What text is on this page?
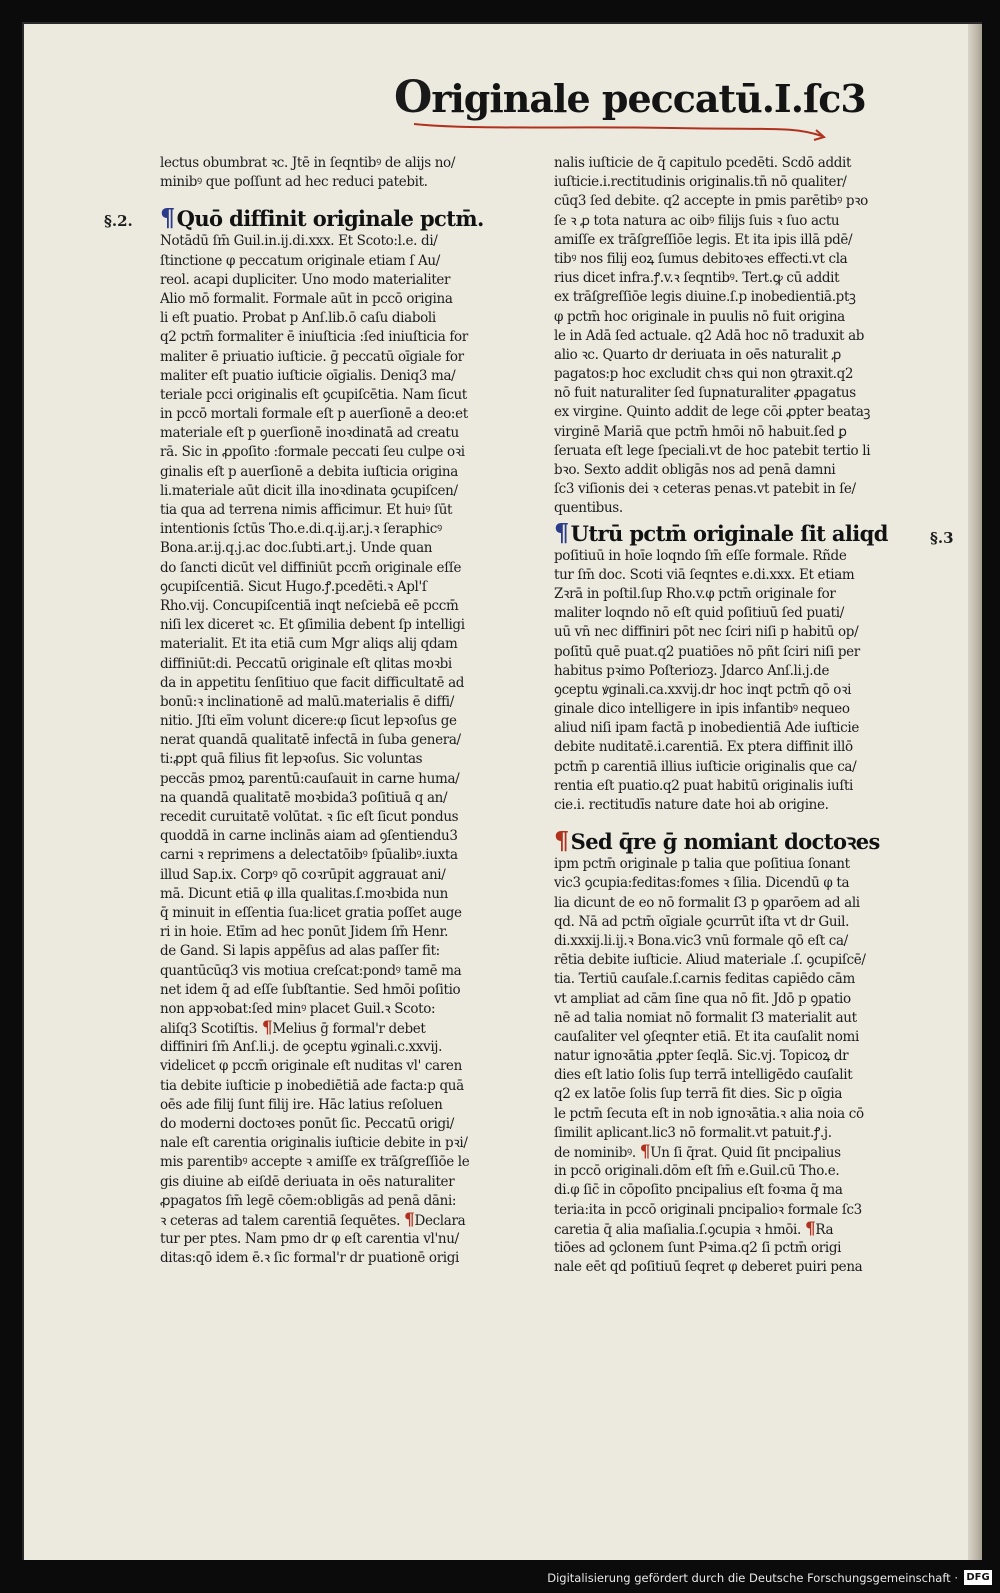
Originale peccatū.I.ſc3
§.2.
§.3
lectus obumbrat ꝛc. Jtē in ſeqntibꝰ de alijs no/
minibꝰ que poſſunt ad hec reduci patebit.
¶Quō diffinit originale pctm̄.
Notādū ſm̄ Guil.in.ij.di.xxx. Et Scoto:l.e. di/
ſtinctione φ peccatum originale etiam ſ Au/
reol. acapi dupliciter. Uno modo materialiter
Alio mō formalit. Formale aūt in pccō origina
li eſt puatio. Probat p Anſ.lib.ō caſu diaboli
q2 pctm̄ formaliter ē iniuſticia :ſed iniuſticia for
maliter ē priuatio iuſticie. ḡ peccatū oīgiale for
maliter eſt puatio iuſticie oīgialis. Deniq3 ma/
teriale pcci originalis eſt ꝯcupiſcētia. Nam ſicut
in pccō mortali formale eſt p auerſionē a deo:et
materiale eſt p ꝯuerſionē inoꝛdinatā ad creatu
rā. Sic in ꝓpoſito :formale peccati ſeu culpe oꝛi
ginalis eſt p auerſionē a debita iuſticia origina
li.materiale aūt dicit illa inoꝛdinata ꝯcupiſcen/
tia qua ad terrena nimis afficimur. Et huiꝰ ſūt
intentionis ſctūs Tho.e.di.q.ij.ar.j.ꝛ ſeraphicꝰ
Bona.ar.ij.q.j.ac doc.ſubti.art.j. Unde quan
do ſancti dicūt vel diffiniūt pccm̄ originale eſſe
ꝯcupiſcentiā. Sicut Hugo.ꝭ.pcedēti.ꝛ Apl'ſ
Rho.vij. Concupiſcentiā inqt neſciebā eē pccm̄
niſi lex diceret ꝛc. Et ꝯſimilia debent ſp intelligi
materialit. Et ita etiā cum Mgr aliqs alij qdam
diffiniūt:di. Peccatū originale eſt qlitas moꝛbi
da in appetitu ſenſitiuo que facit difficultatē ad
bonū:ꝛ inclinationē ad malū.materialis ē diffi/
nitio. Jſti eīm volunt dicere:φ ſicut lepꝛoſus ge
nerat quandā qualitatē infectā in ſuba genera/
ti:ꝓpt quā filius fit lepꝛoſus. Sic voluntas
peccās pmoꝝ parentū:cauſauit in carne huma/
na quandā qualitatē moꝛbida3 poſitiuā q an/
recedit curuitatē volūtat. ꝛ ſic eſt ſicut pondus
quoddā in carne inclinās aiam ad ꝯſentiendu3
carni ꝛ reprimens a delectatōibꝰ ſpūalibꝰ.iuxta
illud Sap.ix. Corpꝰ qō coꝛrūpit aggrauat ani/
mā. Dicunt etiā φ illa qualitas.ſ.moꝛbida nun
q̄ minuit in eſſentia ſua:licet gratia poſſet auge
ri in hoie. Etīm ad hec ponūt Jidem ſm̄ Henr.
de Gand. Si lapis appēſus ad alas paſſer fit:
quantūcūq3 vis motiua creſcat:pondꝰ tamē ma
net idem q̄ ad eſſe ſubſtantie. Sed hmōi poſitio
non appꝛobat:ſed minꝰ placet Guil.ꝛ Scoto:
aliſq3 Scotiſtis. ¶Melius ḡ formal'r debet
diffiniri ſm̄ Anſ.li.j. de ꝯceptu ꝟginali.c.xxvij.
videlicet φ pccm̄ originale eſt nuditas vl' caren
tia debite iuſticie p inobediētiā ade facta:p quā
oēs ade filij ſunt filij ire. Hāc latius reſoluen
do moderni doctoꝛes ponūt ſic. Peccatū origi/
nale eſt carentia originalis iuſticie debite in pꝛi/
mis parentibꝰ accepte ꝛ amiſſe ex trāſgreſſiōe le
gis diuine ab eiſdē deriuata in oēs naturaliter
ꝓpagatos ſm̄ legē cōem:obligās ad penā dāni:
ꝛ ceteras ad talem carentiā ſequētes. ¶Declara
tur per ptes. Nam pmo dr φ eſt carentia vl'nu/
ditas:qō idem ē.ꝛ ſic formal'r dr puationē origi
nalis iuſticie de q̄ capitulo pcedēti. Scdō addit
iuſticie.i.rectitudinis originalis.tn̄ nō qualiter/
cūq3 ſed debite. q2 accepte in pmis parētibꝰ pꝛo
ſe ꝛ ꝓ tota natura ac oibꝰ filijs ſuis ꝛ ſuo actu
amiſſe ex trāſgreſſiōe legis. Et ita ipis illā pdē/
tibꝰ nos filij eoꝝ ſumus debitoꝛes effecti.vt cla
rius dicet infra.ꝭ.v.ꝛ ſeqntibꝰ. Tert.ꝙ cū addit
ex trāſgreſſiōe legis diuine.ſ.p inobedientiā.ptꝫ
φ pctm̄ hoc originale in puulis nō fuit origina
le in Adā ſed actuale. q2 Adā hoc nō traduxit ab
alio ꝛc. Quarto dr deriuata in oēs naturalit ꝓ
pagatos:p hoc excludit chꝛs qui non ꝯtraxit.q2
nō fuit naturaliter ſed ſupnaturaliter ꝓpagatus
ex virgine. Quinto addit de lege cōi ꝓpter beataꝫ
virginē Mariā que pctm̄ hmōi nō habuit.ſed ꝑ
ſeruata eſt lege ſpeciali.vt de hoc patebit tertio li
bꝛo. Sexto addit obligās nos ad penā damni
ſc3 viſionis dei ꝛ ceteras penas.vt patebit in ſe/
quentibus.
¶Utrū pctm̄ originale ſit aliqd
poſitiuū in hoīe loqndo ſm̄ eſſe formale. Rñde
tur ſm̄ doc. Scoti viā ſeqntes e.di.xxx. Et etiam
Zꝛrā in poſtil.ſup Rho.v.φ pctm̄ originale for
maliter loqndo nō eſt quid poſitiuū ſed puati/
uū vn̄ nec diffiniri pōt nec ſciri niſi p habitū op/
poſitū quē puat.q2 puatiōes nō pñt ſciri niſi per
habitus pꝛimo Poſteriozꝫ. Jdarco Anſ.li.j.de
ꝯceptu ꝟginali.ca.xxvij.dr hoc inqt pctm̄ qō oꝛi
ginale dico intelligere in ipis infantibꝰ nequeo
aliud niſi ipam factā p inobedientiā Ade iuſticie
debite nuditatē.i.carentiā. Ex ptera diffinit illō
pctm̄ p carentiā illius iuſticie originalis que ca/
rentia eſt puatio.q2 puat habitū originalis iuſti
cie.i. rectitudīs nature date hoi ab origine.
¶Sed q̄re ḡ nomiant doctoꝛes
ipm pctm̄ originale p talia que poſitiua ſonant
vic3 ꝯcupia:feditas:fomes ꝛ ſilia. Dicendū φ ta
lia dicunt de eo nō formalit ſ3 p ꝯparōem ad ali
qd. Nā ad pctm̄ oīgiale ꝯcurrūt iſta vt dr Guil.
di.xxxij.li.ij.ꝛ Bona.vic3 vnū formale qō eſt ca/
rētia debite iuſticie. Aliud materiale .ſ. ꝯcupiſcē/
tia. Tertiū cauſale.ſ.carnis feditas capiēdo cām
vt ampliat ad cām ſine qua nō fit. Jdō p ꝯpatio
nē ad talia nomiat nō formalit ſ3 materialit aut
cauſaliter vel ꝯſeqnter etiā. Et ita cauſalit nomi
natur ignoꝛātia ꝓpter ſeqlā. Sic.vj. Topicoꝝ dr
dies eſt latio ſolis ſup terrā intelligēdo cauſalit
q2 ex latōe ſolis ſup terrā fit dies. Sic p oīgia
le pctm̄ ſecuta eſt in nob ignoꝛātia.ꝛ alia noia cō
ſimilit aplicant.lic3 nō formalit.vt patuit.ꝭ.j.
de nominibꝰ. ¶Un ſi q̄rat. Quid ſit pncipalius
in pccō originali.dōm eſt ſm̄ e.Guil.cū Tho.e.
di.φ ſic̄ in cōpoſito pncipalius eſt foꝛma q̄ ma
teria:ita in pccō originali pncipalioꝛ formale ſc3
caretia q̄ alia maſialia.ſ.ꝯcupia ꝛ hmōi. ¶Ra
tiōes ad ꝯclonem ſunt Pꝛima.q2 ſi pctm̄ origi
nale eēt qd poſitiuū ſeqret φ deberet puiri pena
Digitalisierung gefördert durch die Deutsche Forschungsgemeinschaft · DFG
